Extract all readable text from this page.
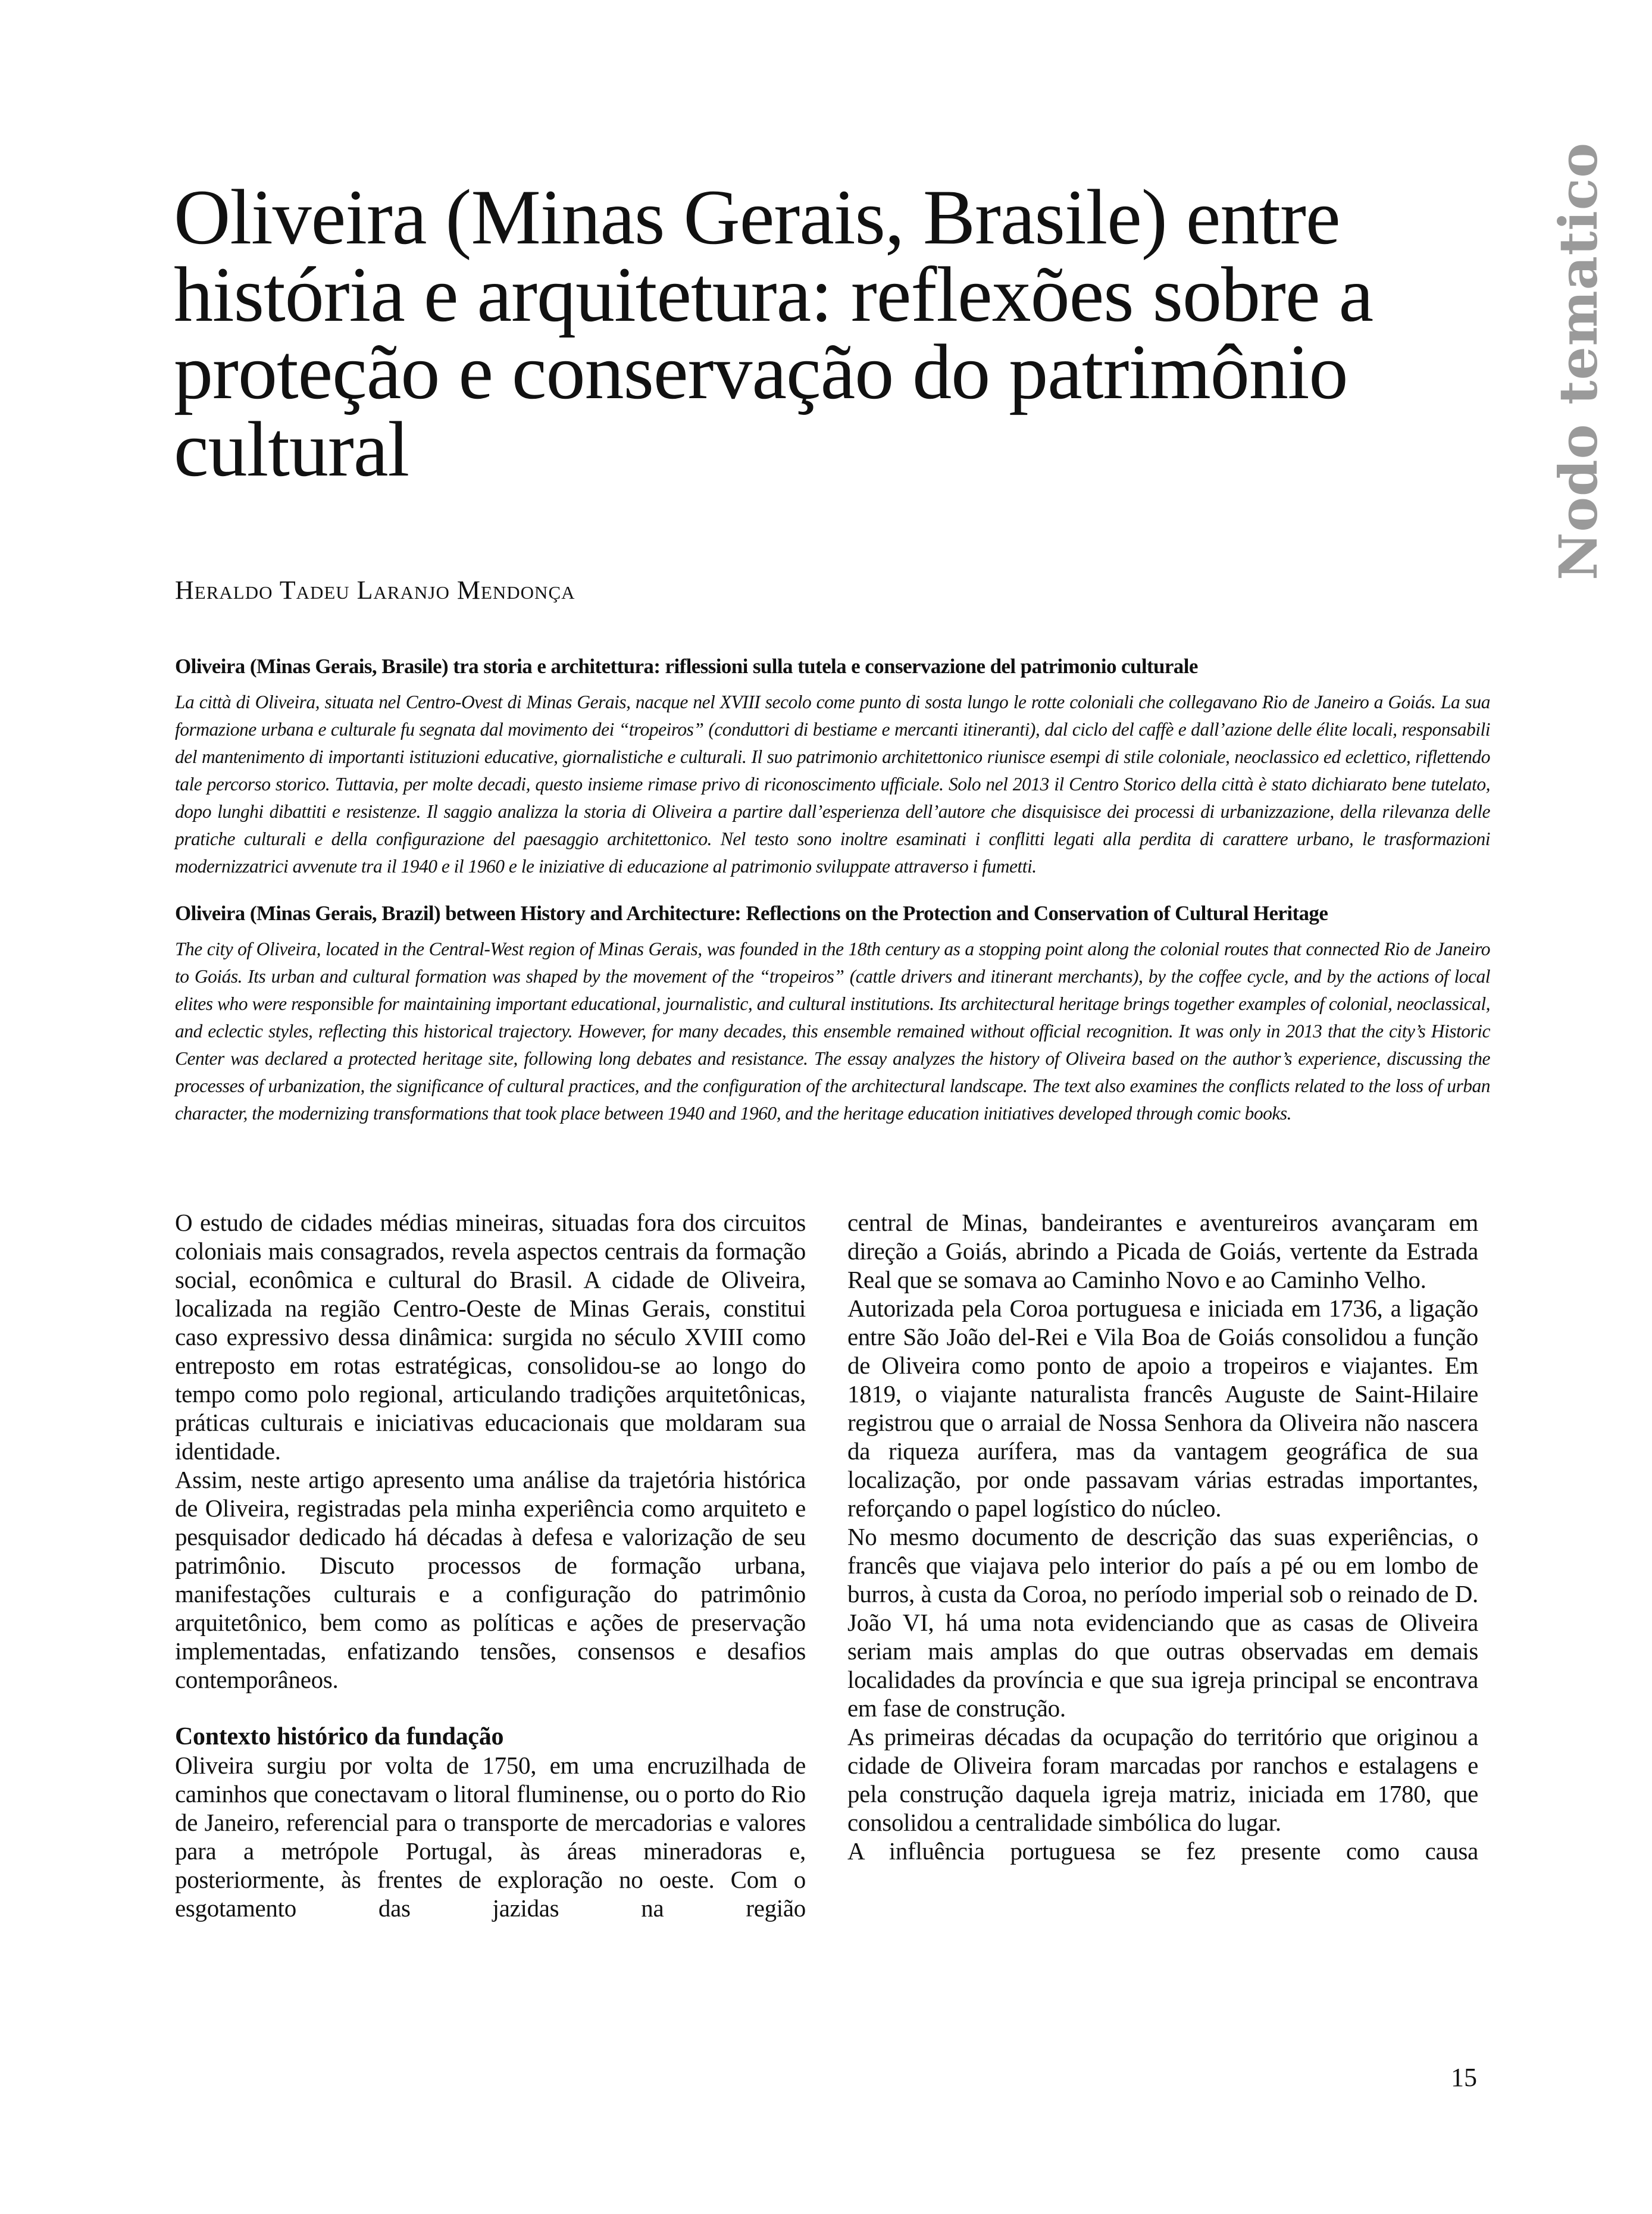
Oliveira (Minas Gerais, Brasile) entre história e arquitetura: reflexões sobre a proteção e conservação do patrimônio cultural	Nodo tematico
Heraldo Tadeu Laranjo Mendonça
Oliveira (Minas Gerais, Brasile) tra storia e architettura: riflessioni sulla tutela e conservazione del patrimonio culturale

La città di Oliveira, situata nel Centro-Ovest di Minas Gerais, nacque nel XVIII secolo come punto di sosta lungo le rotte coloniali che collegavano Rio de Janeiro a Goiás. La sua formazione urbana e culturale fu segnata dal movimento dei “tropeiros” (conduttori di bestiame e mercanti itineranti), dal ciclo del caffè e dall’azione delle élite locali, responsabili del mantenimento di importanti istituzioni educative, giornalistiche e culturali. Il suo patrimonio architettonico riunisce esempi di stile coloniale, neoclassico ed eclettico, riflettendo tale percorso storico. Tuttavia, per molte decadi, questo insieme rimase privo di riconoscimento ufficiale. Solo nel 2013 il Centro Storico della città è stato dichiarato bene tutelato, dopo lunghi dibattiti e resistenze. Il saggio analizza la storia di Oliveira a partire dall’esperienza dell’autore che disquisisce dei processi di urbanizzazione, della rilevanza delle pratiche culturali e della configurazione del paesaggio architettonico. Nel testo sono inoltre esaminati i conflitti legati alla perdita di carattere urbano, le trasformazioni modernizzatrici avvenute tra il 1940 e il 1960 e le iniziative di educazione al patrimonio sviluppate attraverso i fumetti.

Oliveira (Minas Gerais, Brazil) between History and Architecture: Reflections on the Protection and Conservation of Cultural Heritage

The city of Oliveira, located in the Central-West region of Minas Gerais, was founded in the 18th century as a stopping point along the colonial routes that connected Rio de Janeiro to Goiás. Its urban and cultural formation was shaped by the movement of the “tropeiros” (cattle drivers and itinerant merchants), by the coffee cycle, and by the actions of local elites who were responsible for maintaining important educational, journalistic, and cultural institutions. Its architectural heritage brings together examples of colonial, neoclassical, and eclectic styles, reflecting this historical trajectory. However, for many decades, this ensemble remained without official recognition. It was only in 2013 that the city’s Historic Center was declared a protected heritage site, following long debates and resistance. The essay analyzes the history of Oliveira based on the author’s experience, discussing the processes of urbanization, the significance of cultural practices, and the configuration of the architectural landscape. The text also examines the conflicts related to the loss of urban character, the modernizing transformations that took place between 1940 and 1960, and the heritage education initiatives developed through comic books.

O estudo de cidades médias mineiras, situadas fora dos circuitos coloniais mais consagrados, revela aspectos centrais da formação social, econômica e cultural do Brasil. A cidade de Oliveira, localizada na região Centro-Oeste de Minas Gerais, constitui caso expressivo dessa dinâmica: surgida no século XVIII como entreposto em rotas estratégicas, consolidou-se ao longo do tempo como polo regional, articulando tradições arquitetônicas, práticas culturais e iniciativas educacionais que moldaram sua identidade.

Assim, neste artigo apresento uma análise da trajetória histórica de Oliveira, registradas pela minha experiência como arquiteto e pesquisador dedicado há décadas à defesa e valorização de seu patrimônio. Discuto processos de formação urbana, manifestações culturais e a configuração do patrimônio arquitetônico, bem como as políticas e ações de preservação implementadas, enfatizando tensões, consensos e desafios contemporâneos.

Contexto histórico da fundação

Oliveira surgiu por volta de 1750, em uma encruzilhada de caminhos que conectavam o litoral fluminense, ou o porto do Rio de Janeiro, referencial para o transporte de mercadorias e valores para a metrópole Portugal, às áreas mineradoras e, posteriormente, às frentes de exploração no oeste. Com o esgotamento das jazidas na região

central de Minas, bandeirantes e aventureiros avançaram em direção a Goiás, abrindo a Picada de Goiás, vertente da Estrada Real que se somava ao Caminho Novo e ao Caminho Velho.

Autorizada pela Coroa portuguesa e iniciada em 1736, a ligação entre São João del-Rei e Vila Boa de Goiás consolidou a função de Oliveira como ponto de apoio a tropeiros e viajantes. Em 1819, o viajante naturalista francês Auguste de Saint-Hilaire registrou que o arraial de Nossa Senhora da Oliveira não nascera da riqueza aurífera, mas da vantagem geográfica de sua localização, por onde passavam várias estradas importantes, reforçando o papel logístico do núcleo.

No mesmo documento de descrição das suas experiências, o francês que viajava pelo interior do país a pé ou em lombo de burros, à custa da Coroa, no período imperial sob o reinado de D. João VI, há uma nota evidenciando que as casas de Oliveira seriam mais amplas do que outras observadas em demais localidades da província e que sua igreja principal se encontrava em fase de construção.

As primeiras décadas da ocupação do território que originou a cidade de Oliveira foram marcadas por ranchos e estalagens e pela construção daquela igreja matriz, iniciada em 1780, que consolidou a centralidade simbólica do lugar.

A influência portuguesa se fez presente como causa

15
